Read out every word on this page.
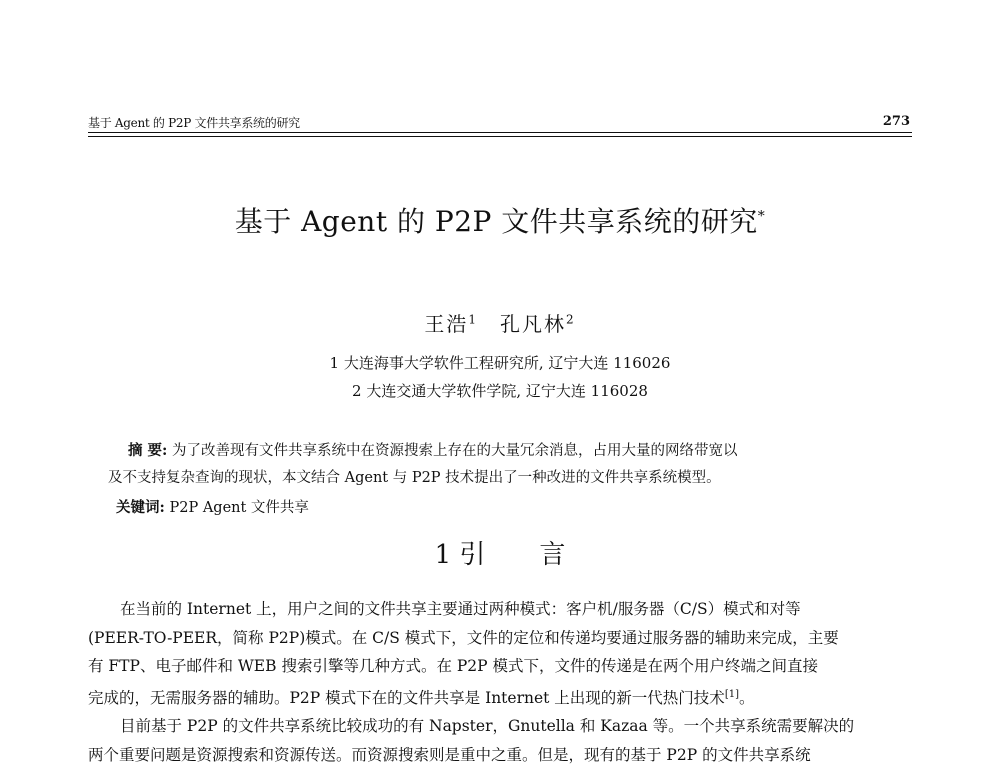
基于 Agent 的 P2P 文件共享系统的研究	273
基于 Agent 的 P2P 文件共享系统的研究*
王浩$^1$ 孔凡林$^2$
1 大连海事大学软件工程研究所, 辽宁大连 116026
2 大连交通大学软件学院, 辽宁大连 116028
摘 要: 为了改善现有文件共享系统中在资源搜索上存在的大量冗余消息，占用大量的网络带宽以
及不支持复杂查询的现状，本文结合 Agent 与 P2P 技术提出了一种改进的文件共享系统模型。
关键词: P2P Agent 文件共享
1 引 言
在当前的 Internet 上，用户之间的文件共享主要通过两种模式：客户机/服务器（C/S）模式和对等
(PEER-TO-PEER，简称 P2P)模式。在 C/S 模式下，文件的定位和传递均要通过服务器的辅助来完成，主要
有 FTP、电子邮件和 WEB 搜索引擎等几种方式。在 P2P 模式下，文件的传递是在两个用户终端之间直接
完成的，无需服务器的辅助。P2P 模式下在的文件共享是 Internet 上出现的新一代热门技术[1]。
目前基于 P2P 的文件共享系统比较成功的有 Napster，Gnutella 和 Kazaa 等。一个共享系统需要解决的
两个重要问题是资源搜索和资源传送。而资源搜索则是重中之重。但是，现有的基于 P2P 的文件共享系统
